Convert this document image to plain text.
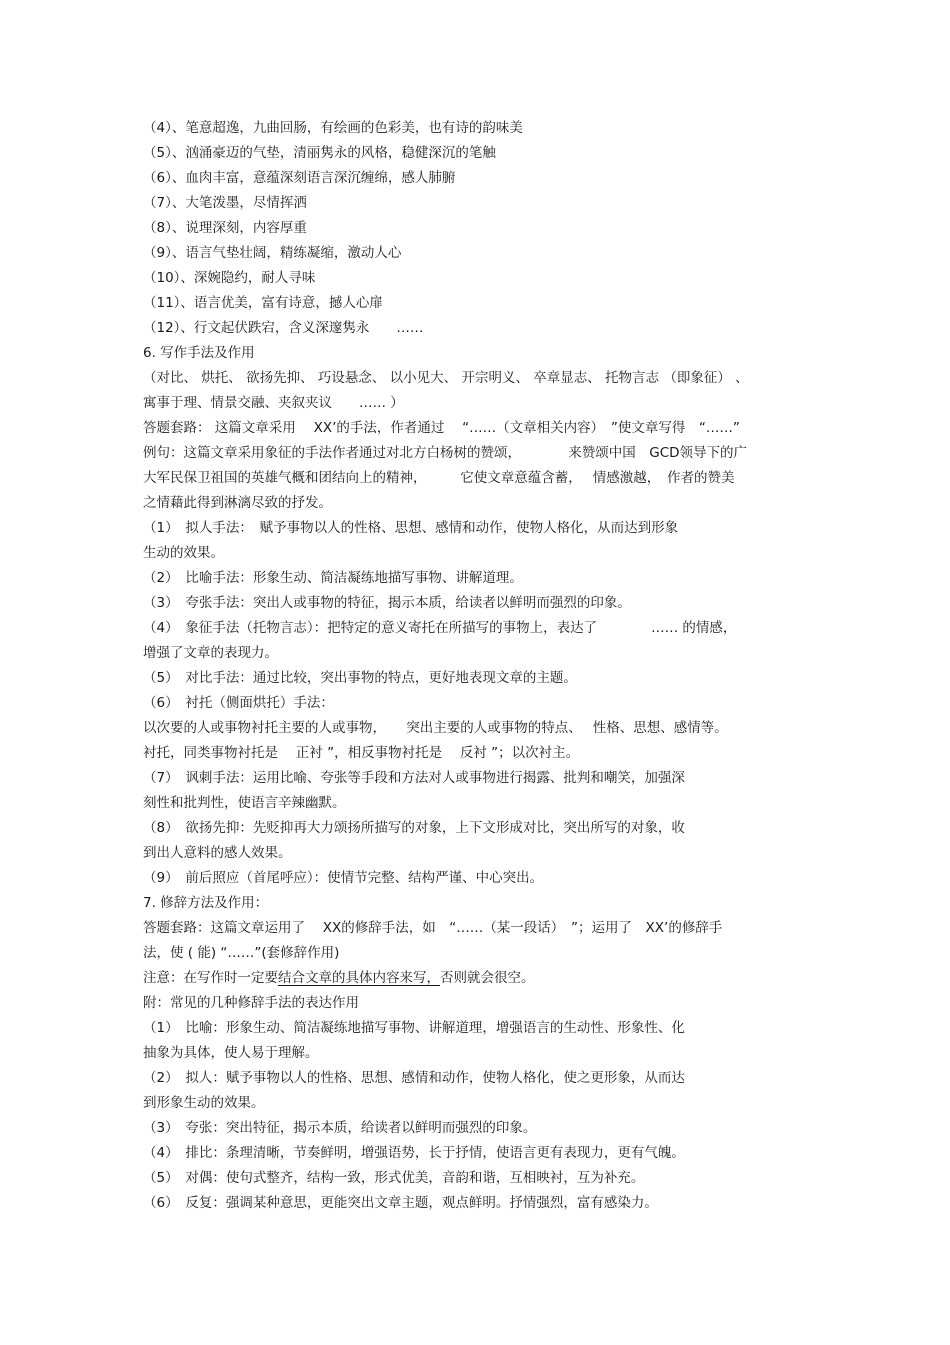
（4）、笔意超逸，九曲回肠，有绘画的色彩美，也有诗的韵味美
（5）、汹涌豪迈的气垫，清丽隽永的风格，稳健深沉的笔触
（6）、血肉丰富，意蕴深刻语言深沉缠绵，感人肺腑
（7）、大笔泼墨，尽情挥洒
（8）、说理深刻，内容厚重
（9）、语言气垫壮阔，精练凝缩，激动人心
（10）、深婉隐约，耐人寻味
（11）、语言优美，富有诗意，撼人心扉
（12）、行文起伏跌宕，含义深邃隽永　　……
6. 写作手法及作用
（对比、 烘托、 欲扬先抑、 巧设悬念、 以小见大、 开宗明义、 卒章显志、 托物言志 （即象征） 、
寓事于理、情景交融、夹叙夹议　　…… ）
答题套路： 这篇文章采用　 XX’的手法，作者通过　 “……（文章相关内容）　”使文章写得　“……”
例句：这篇文章采用象征的手法作者通过对北方白杨树的赞颂，　　　　来赞颂中国　GCD领导下的广
大军民保卫祖国的英雄气概和团结向上的精神，　　　它使文章意蕴含蓄，　 情感激越，　作者的赞美
之情藉此得到淋漓尽致的抒发。
（1）　拟人手法：　赋予事物以人的性格、思想、感情和动作，使物人格化，从而达到形象
生动的效果。
（2）　比喻手法：形象生动、简洁凝练地描写事物、讲解道理。
（3）　夸张手法：突出人或事物的特征，揭示本质，给读者以鲜明而强烈的印象。
（4）　象征手法（托物言志）：把特定的意义寄托在所描写的事物上，表达了　　　　…… 的情感，
增强了文章的表现力。
（5）　对比手法：通过比较，突出事物的特点，更好地表现文章的主题。
（6）　衬托（侧面烘托）手法：
以次要的人或事物衬托主要的人或事物，　　突出主要的人或事物的特点、　 性格、思想、感情等。
衬托，同类事物衬托是　 正衬 ”，相反事物衬托是　 反衬 ”；以次衬主。
（7）　讽刺手法：运用比喻、夸张等手段和方法对人或事物进行揭露、批判和嘲笑，加强深
刻性和批判性，使语言辛辣幽默。
（8）　欲扬先抑：先贬抑再大力颂扬所描写的对象，上下文形成对比，突出所写的对象，收
到出人意料的感人效果。
（9）　前后照应（首尾呼应）：使情节完整、结构严谨、中心突出。
7. 修辞方法及作用：
答题套路：这篇文章运用了　 XX的修辞手法，如　“……（某一段话）　”；运用了　XX’的修辞手
法，使 ( 能) “……”(套修辞作用)
注意：在写作时一定要结合文章的具体内容来写，否则就会很空。
附：常见的几种修辞手法的表达作用
（1）　比喻：形象生动、简洁凝练地描写事物、讲解道理，增强语言的生动性、形象性、化
抽象为具体，使人易于理解。
（2）　拟人：赋予事物以人的性格、思想、感情和动作，使物人格化，使之更形象，从而达
到形象生动的效果。
（3）　夸张：突出特征，揭示本质，给读者以鲜明而强烈的印象。
（4）　排比：条理清晰，节奏鲜明，增强语势，长于抒情，使语言更有表现力，更有气魄。
（5）　对偶：使句式整齐，结构一致，形式优美，音韵和谐，互相映衬，互为补充。
（6）　反复：强调某种意思，更能突出文章主题，观点鲜明。抒情强烈，富有感染力。
